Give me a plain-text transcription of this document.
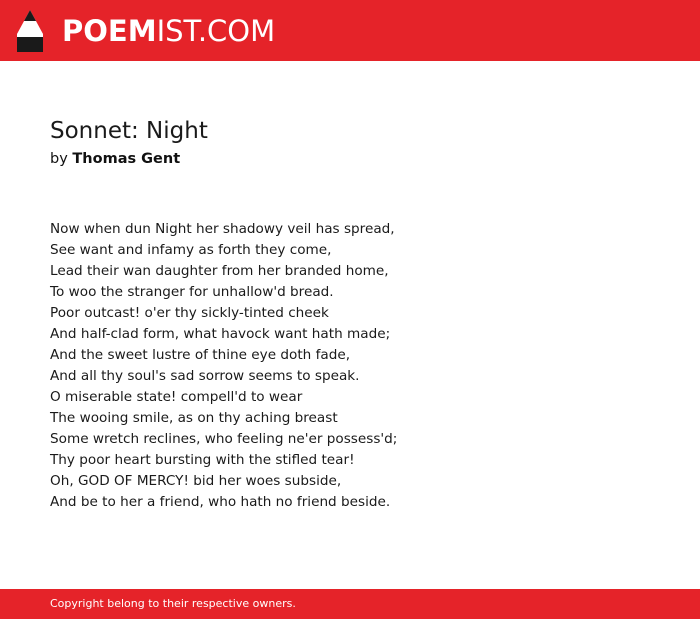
POEMIST.COM
Sonnet: Night
by Thomas Gent
Now when dun Night her shadowy veil has spread,
See want and infamy as forth they come,
Lead their wan daughter from her branded home,
To woo the stranger for unhallow'd bread.
Poor outcast! o'er thy sickly-tinted cheek
And half-clad form, what havock want hath made;
And the sweet lustre of thine eye doth fade,
And all thy soul's sad sorrow seems to speak.
O miserable state! compell'd to wear
The wooing smile, as on thy aching breast
Some wretch reclines, who feeling ne'er possess'd;
Thy poor heart bursting with the stifled tear!
Oh, GOD OF MERCY! bid her woes subside,
And be to her a friend, who hath no friend beside.
Copyright belong to their respective owners.
